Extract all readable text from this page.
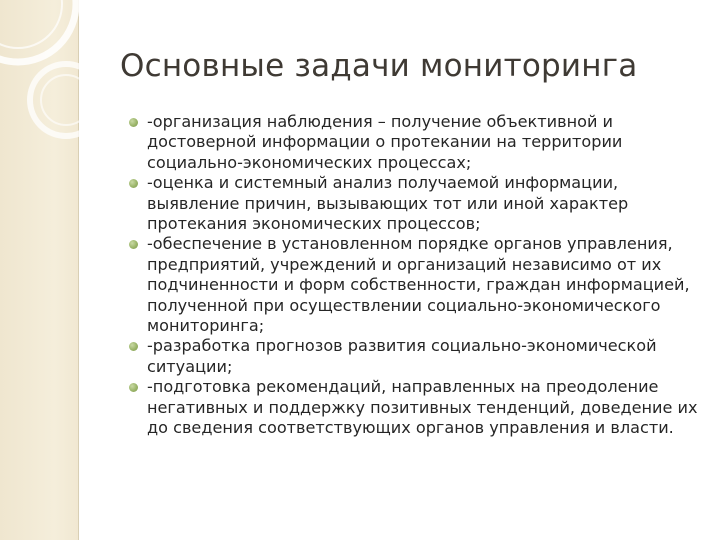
Основные задачи мониторинга
-организация наблюдения – получение объективной и достоверной информации о протекании на территории социально-экономических процессах;
-оценка и системный анализ получаемой информации, выявление причин, вызывающих тот или иной характер протекания экономических процессов;
-обеспечение в установленном порядке органов управления, предприятий, учреждений и организаций независимо от их подчиненности и форм собственности, граждан информацией, полученной при осуществлении социально-экономического мониторинга;
-разработка прогнозов развития социально-экономической ситуации;
-подготовка рекомендаций, направленных на преодоление негативных и поддержку позитивных тенденций, доведение их до сведения соответствующих органов управления и власти.
